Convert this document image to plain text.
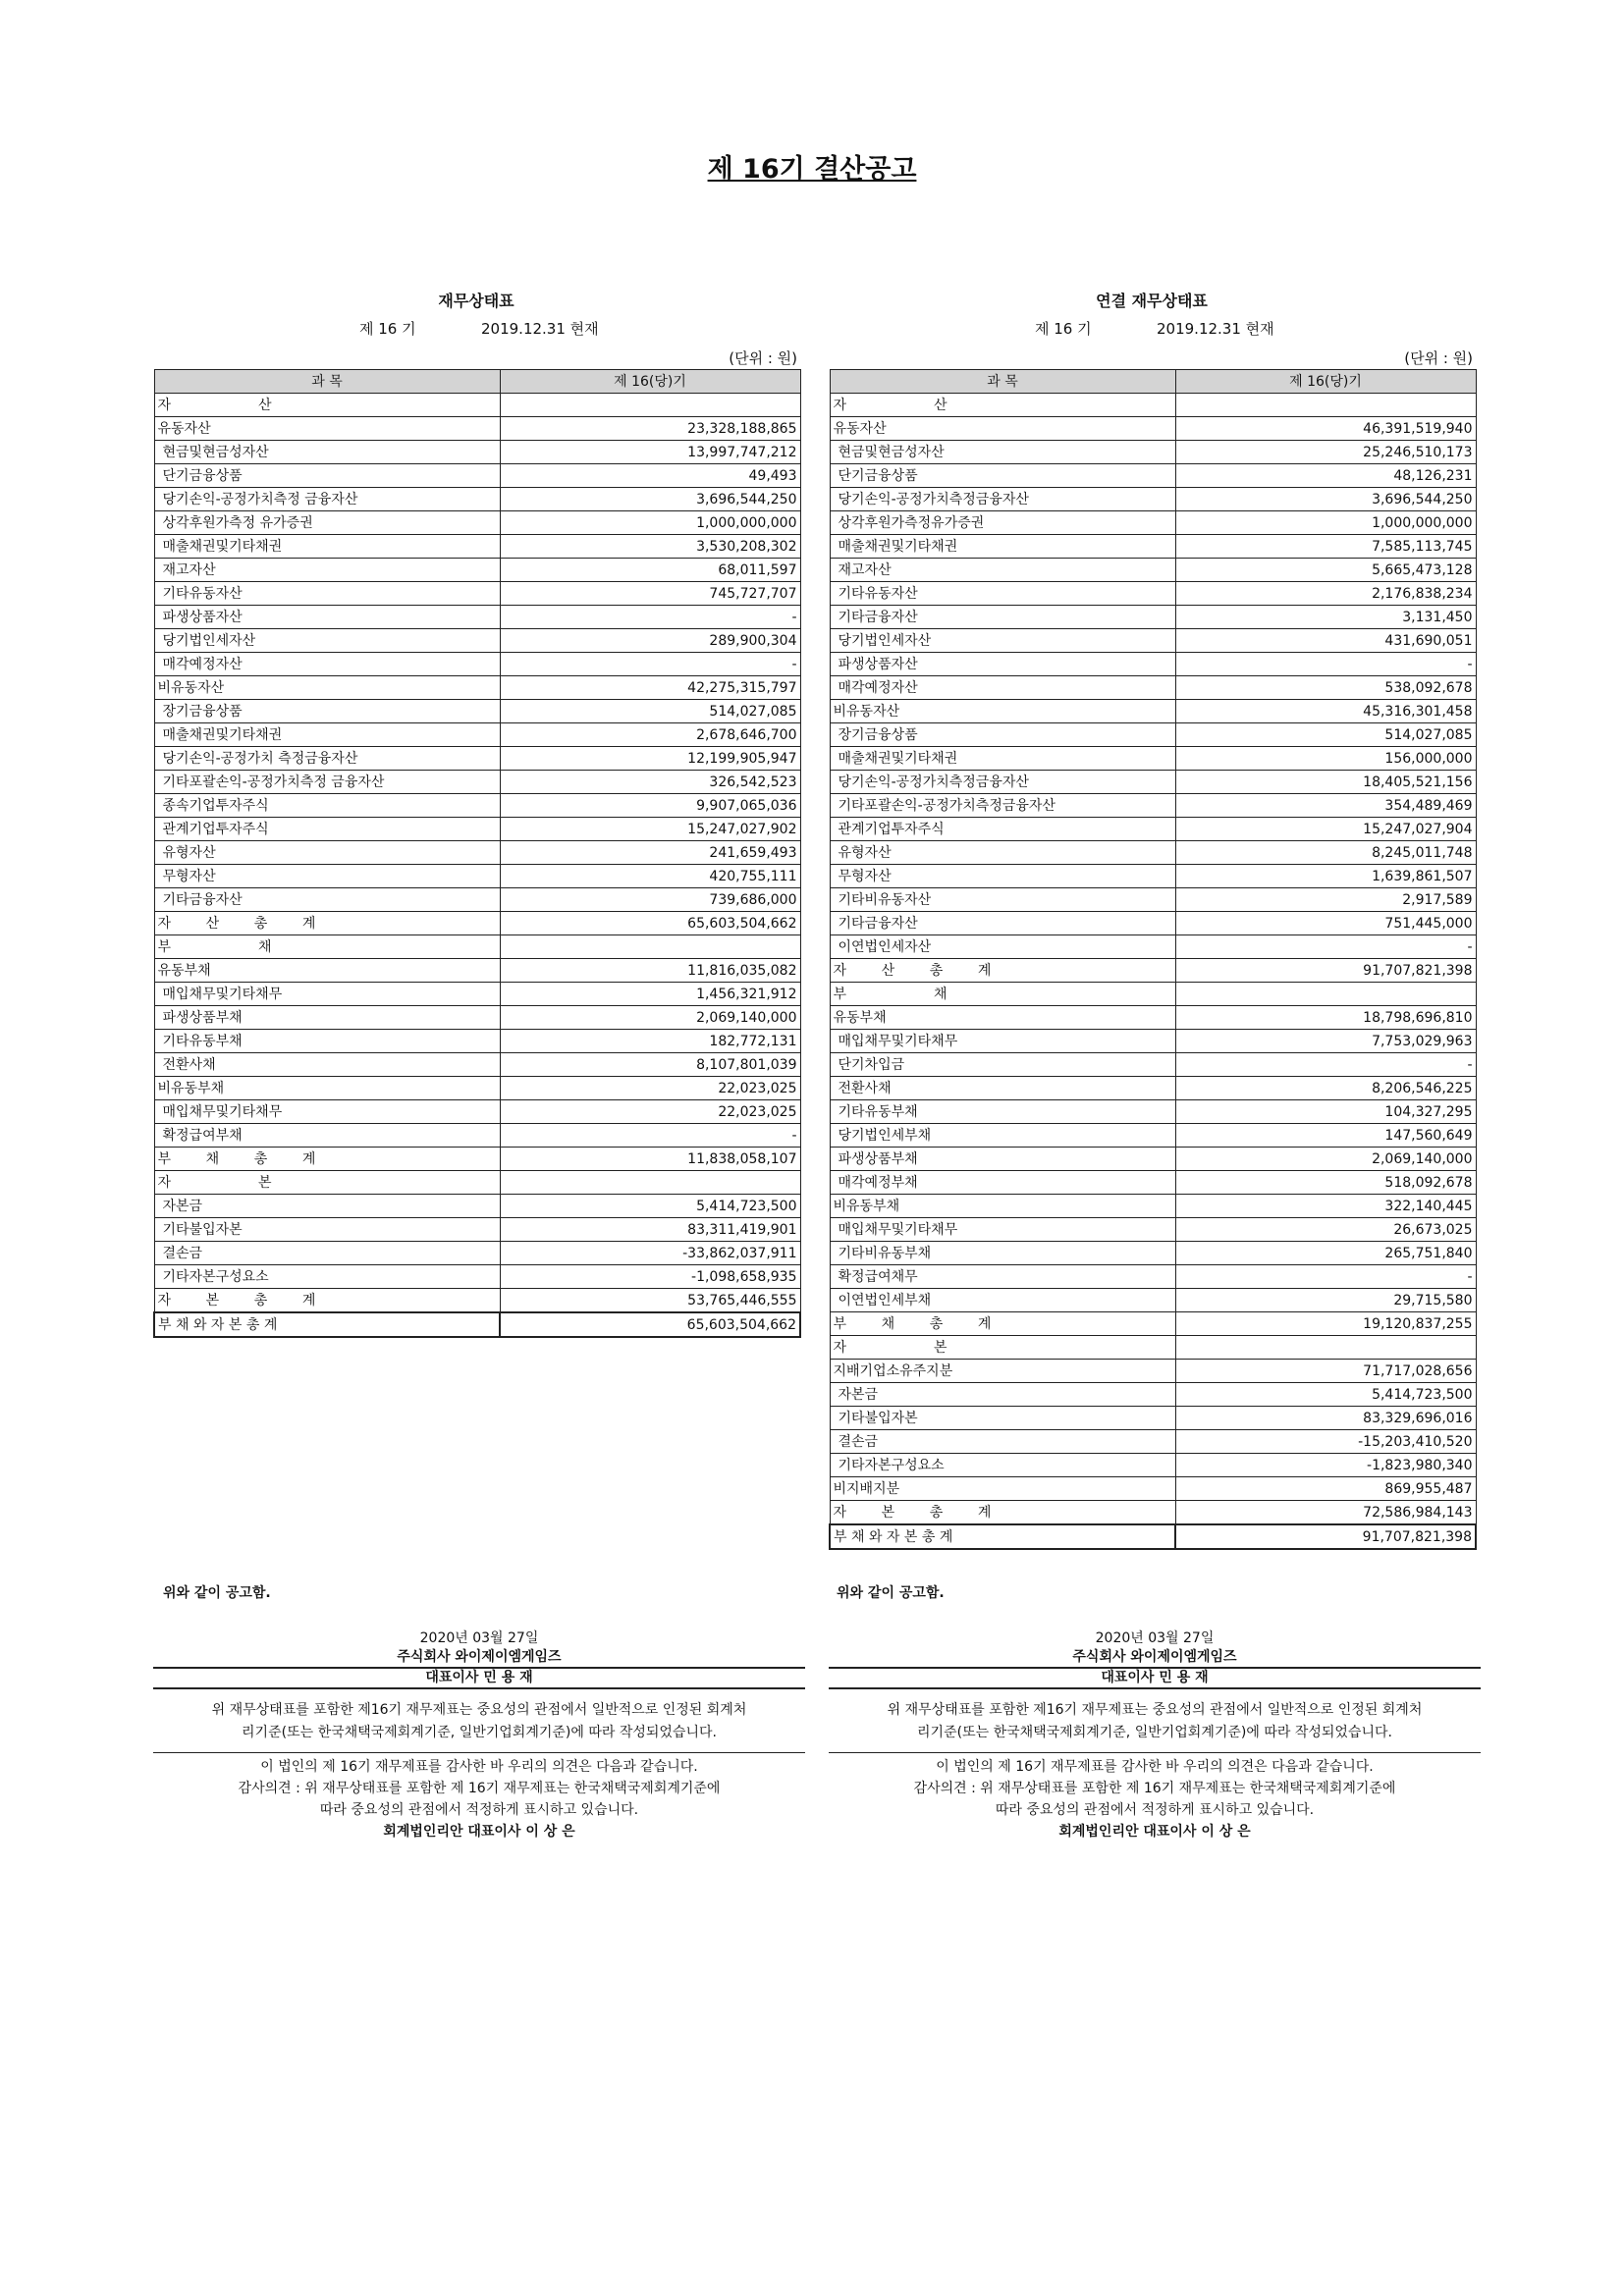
제 16기 결산공고
재무상태표
제 16 기	2019.12.31 현재
(단위 : 원)
과 목	제 16(당)기
자                    산	
유동자산	23,328,188,865
현금및현금성자산	13,997,747,212
단기금융상품	49,493
당기손익-공정가치측정 금융자산	3,696,544,250
상각후원가측정 유가증권	1,000,000,000
매출채권및기타채권	3,530,208,302
재고자산	68,011,597
기타유동자산	745,727,707
파생상품자산	-
당기법인세자산	289,900,304
매각예정자산	-
비유동자산	42,275,315,797
장기금융상품	514,027,085
매출채권및기타채권	2,678,646,700
당기손익-공정가치 측정금융자산	12,199,905,947
기타포괄손익-공정가치측정 금융자산	326,542,523
종속기업투자주식	9,907,065,036
관계기업투자주식	15,247,027,902
유형자산	241,659,493
무형자산	420,755,111
기타금융자산	739,686,000
자        산        총        계	65,603,504,662
부                    채	
유동부채	11,816,035,082
매입채무및기타채무	1,456,321,912
파생상품부채	2,069,140,000
기타유동부채	182,772,131
전환사채	8,107,801,039
비유동부채	22,023,025
매입채무및기타채무	22,023,025
확정급여부채	-
부        채        총        계	11,838,058,107
자                    본	
자본금	5,414,723,500
기타불입자본	83,311,419,901
결손금	-33,862,037,911
기타자본구성요소	-1,098,658,935
자        본        총        계	53,765,446,555
부 채 와 자 본 총 계	65,603,504,662
연결 재무상태표
제 16 기	2019.12.31 현재
(단위 : 원)
과 목	제 16(당)기
자                    산	
유동자산	46,391,519,940
현금및현금성자산	25,246,510,173
단기금융상품	48,126,231
당기손익-공정가치측정금융자산	3,696,544,250
상각후원가측정유가증권	1,000,000,000
매출채권및기타채권	7,585,113,745
재고자산	5,665,473,128
기타유동자산	2,176,838,234
기타금융자산	3,131,450
당기법인세자산	431,690,051
파생상품자산	-
매각예정자산	538,092,678
비유동자산	45,316,301,458
장기금융상품	514,027,085
매출채권및기타채권	156,000,000
당기손익-공정가치측정금융자산	18,405,521,156
기타포괄손익-공정가치측정금융자산	354,489,469
관계기업투자주식	15,247,027,904
유형자산	8,245,011,748
무형자산	1,639,861,507
기타비유동자산	2,917,589
기타금융자산	751,445,000
이연법인세자산	-
자        산        총        계	91,707,821,398
부                    채	
유동부채	18,798,696,810
매입채무및기타채무	7,753,029,963
단기차입금	-
전환사채	8,206,546,225
기타유동부채	104,327,295
당기법인세부채	147,560,649
파생상품부채	2,069,140,000
매각예정부채	518,092,678
비유동부채	322,140,445
매입채무및기타채무	26,673,025
기타비유동부채	265,751,840
확정급여채무	-
이연법인세부채	29,715,580
부        채        총        계	19,120,837,255
자                    본	
지배기업소유주지분	71,717,028,656
자본금	5,414,723,500
기타불입자본	83,329,696,016
결손금	-15,203,410,520
기타자본구성요소	-1,823,980,340
비지배지분	869,955,487
자        본        총        계	72,586,984,143
부 채 와 자 본 총 계	91,707,821,398
위와 같이 공고함.	위와 같이 공고함.
2020년 03월 27일
주식회사 와이제이엠게임즈
대표이사 민 용 재
위 재무상태표를 포함한 제16기 재무제표는 중요성의 관점에서 일반적으로 인정된 회계처
리기준(또는 한국채택국제회계기준, 일반기업회계기준)에 따라 작성되었습니다.
이 법인의 제 16기 재무제표를 감사한 바 우리의 의견은 다음과 같습니다.
감사의견 : 위 재무상태표를 포함한 제 16기 재무제표는 한국채택국제회계기준에
따라 중요성의 관점에서 적정하게 표시하고 있습니다.
회계법인리안 대표이사 이 상 은
2020년 03월 27일
주식회사 와이제이엠게임즈
대표이사 민 용 재
위 재무상태표를 포함한 제16기 재무제표는 중요성의 관점에서 일반적으로 인정된 회계처
리기준(또는 한국채택국제회계기준, 일반기업회계기준)에 따라 작성되었습니다.
이 법인의 제 16기 재무제표를 감사한 바 우리의 의견은 다음과 같습니다.
감사의견 : 위 재무상태표를 포함한 제 16기 재무제표는 한국채택국제회계기준에
따라 중요성의 관점에서 적정하게 표시하고 있습니다.
회계법인리안 대표이사 이 상 은
